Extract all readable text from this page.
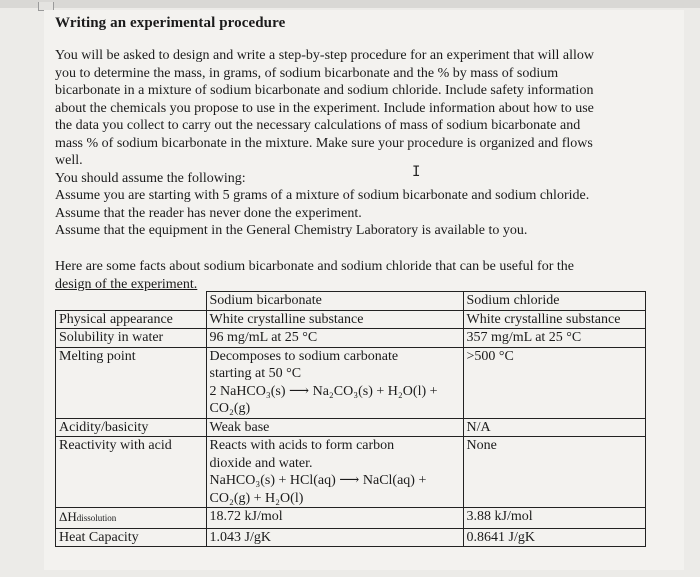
Writing an experimental procedure
You will be asked to design and write a step-by-step procedure for an experiment that will allow
you to determine the mass, in grams, of sodium bicarbonate and the % by mass of sodium
bicarbonate in a mixture of sodium bicarbonate and sodium chloride. Include safety information
about the chemicals you propose to use in the experiment. Include information about how to use
the data you collect to carry out the necessary calculations of mass of sodium bicarbonate and
mass % of sodium bicarbonate in the mixture. Make sure your procedure is organized and flows
well.
You should assume the following:
Assume you are starting with 5 grams of a mixture of sodium bicarbonate and sodium chloride.
Assume that the reader has never done the experiment.
Assume that the equipment in the General Chemistry Laboratory is available to you.
I
Here are some facts about sodium bicarbonate and sodium chloride that can be useful for the
design of the experiment.
	Sodium bicarbonate	Sodium chloride
Physical appearance	White crystalline substance	White crystalline substance

Solubility in water	96 mg/mL at 25 °C	357 mg/mL at 25 °C

Melting point	Decomposes to sodium carbonate
starting at 50 °C
2 NaHCO₃(s) ⟶ Na₂CO₃(s) + H₂O(l) +
CO₂(g)	>500 °C

Acidity/basicity	Weak base	N/A

Reactivity with acid	Reacts with acids to form carbon
dioxide and water.
NaHCO₃(s) + HCl(aq) ⟶ NaCl(aq) +
CO₂(g) + H₂O(l)	None

ΔHdissolution	18.72 kJ/mol	3.88 kJ/mol

Heat Capacity	1.043 J/gK	0.8641 J/gK
